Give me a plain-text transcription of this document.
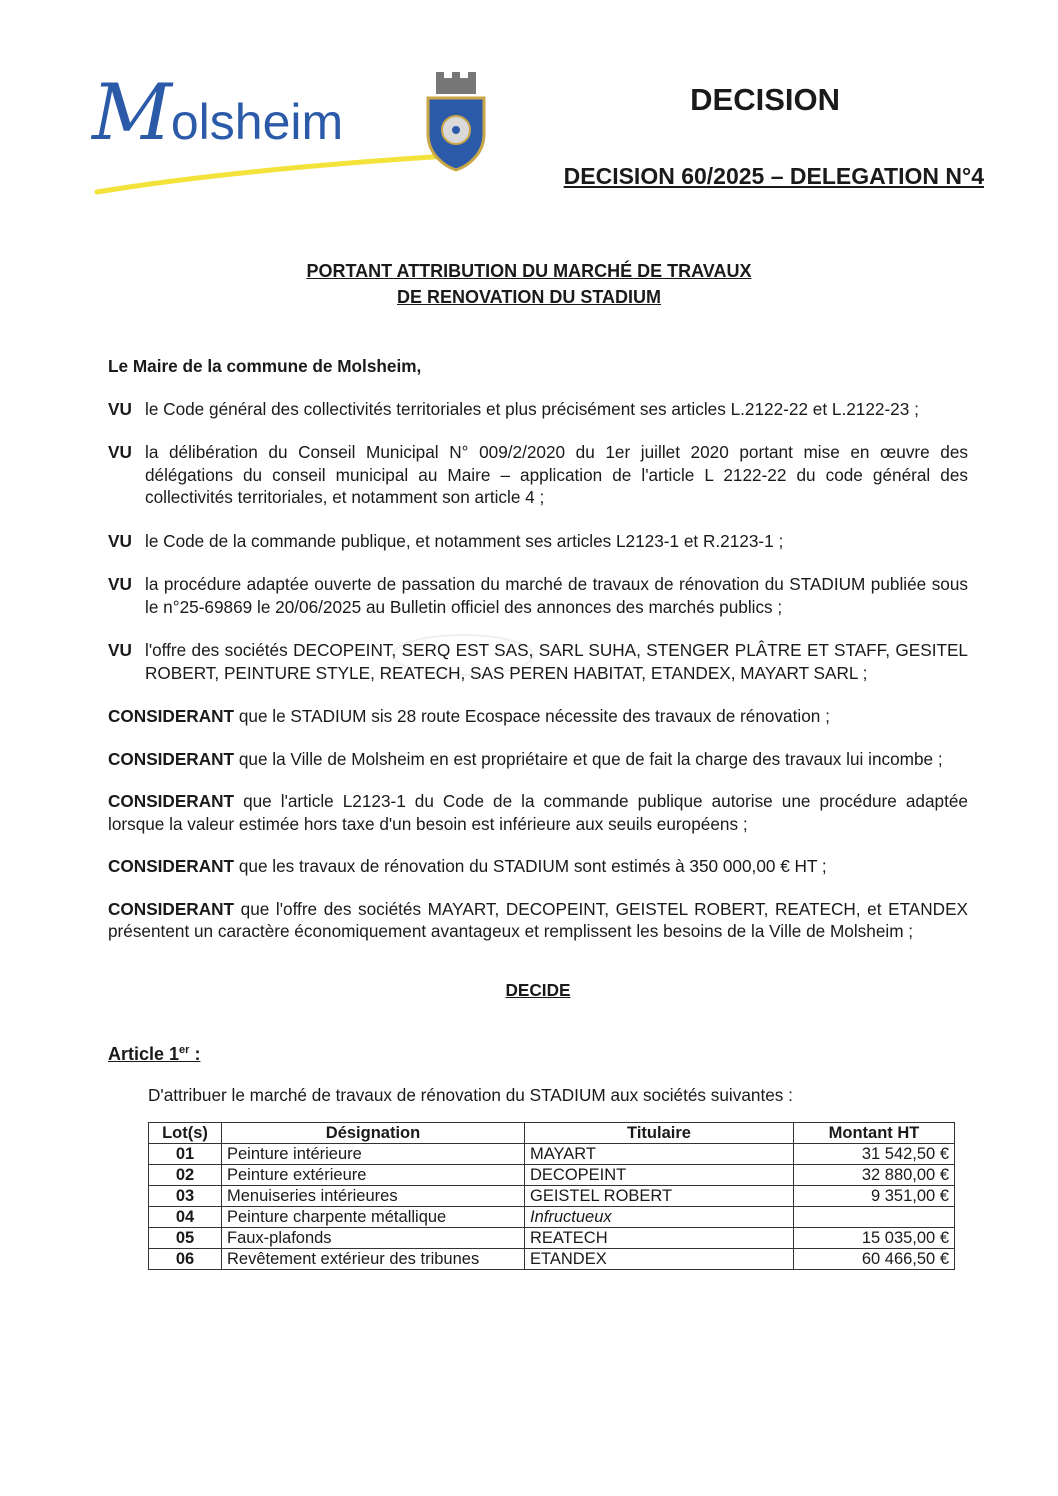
Molsheim	DECISION
DECISION 60/2025 – DELEGATION N°4
PORTANT ATTRIBUTION DU MARCHÉ DE TRAVAUX
DE RENOVATION DU STADIUM
Le Maire de la commune de Molsheim,
VU le Code général des collectivités territoriales et plus précisément ses articles L.2122-22 et L.2122-23 ;
VU la délibération du Conseil Municipal N° 009/2/2020 du 1er juillet 2020 portant mise en œuvre des délégations du conseil municipal au Maire – application de l'article L 2122-22 du code général des collectivités territoriales, et notamment son article 4 ;
VU le Code de la commande publique, et notamment ses articles L2123-1 et R.2123-1 ;
VU la procédure adaptée ouverte de passation du marché de travaux de rénovation du STADIUM publiée sous le n°25-69869 le 20/06/2025 au Bulletin officiel des annonces des marchés publics ;
VU l'offre des sociétés DECOPEINT, SERQ EST SAS, SARL SUHA, STENGER PLÂTRE ET STAFF, GESITEL ROBERT, PEINTURE STYLE, REATECH, SAS PEREN HABITAT, ETANDEX, MAYART SARL ;
CONSIDERANT que le STADIUM sis 28 route Ecospace nécessite des travaux de rénovation ;
CONSIDERANT que la Ville de Molsheim en est propriétaire et que de fait la charge des travaux lui incombe ;
CONSIDERANT que l'article L2123-1 du Code de la commande publique autorise une procédure adaptée lorsque la valeur estimée hors taxe d'un besoin est inférieure aux seuils européens ;
CONSIDERANT que les travaux de rénovation du STADIUM sont estimés à 350 000,00 € HT ;
CONSIDERANT que l'offre des sociétés MAYART, DECOPEINT, GEISTEL ROBERT, REATECH, et ETANDEX présentent un caractère économiquement avantageux et remplissent les besoins de la Ville de Molsheim ;
DECIDE
Article 1er :
D'attribuer le marché de travaux de rénovation du STADIUM aux sociétés suivantes :
Lot(s)	Désignation	Titulaire	Montant HT
01	Peinture intérieure	MAYART	31 542,50 €
02	Peinture extérieure	DECOPEINT	32 880,00 €
03	Menuiseries intérieures	GEISTEL ROBERT	9 351,00 €
04	Peinture charpente métallique	Infructueux	
05	Faux-plafonds	REATECH	15 035,00 €
06	Revêtement extérieur des tribunes	ETANDEX	60 466,50 €
